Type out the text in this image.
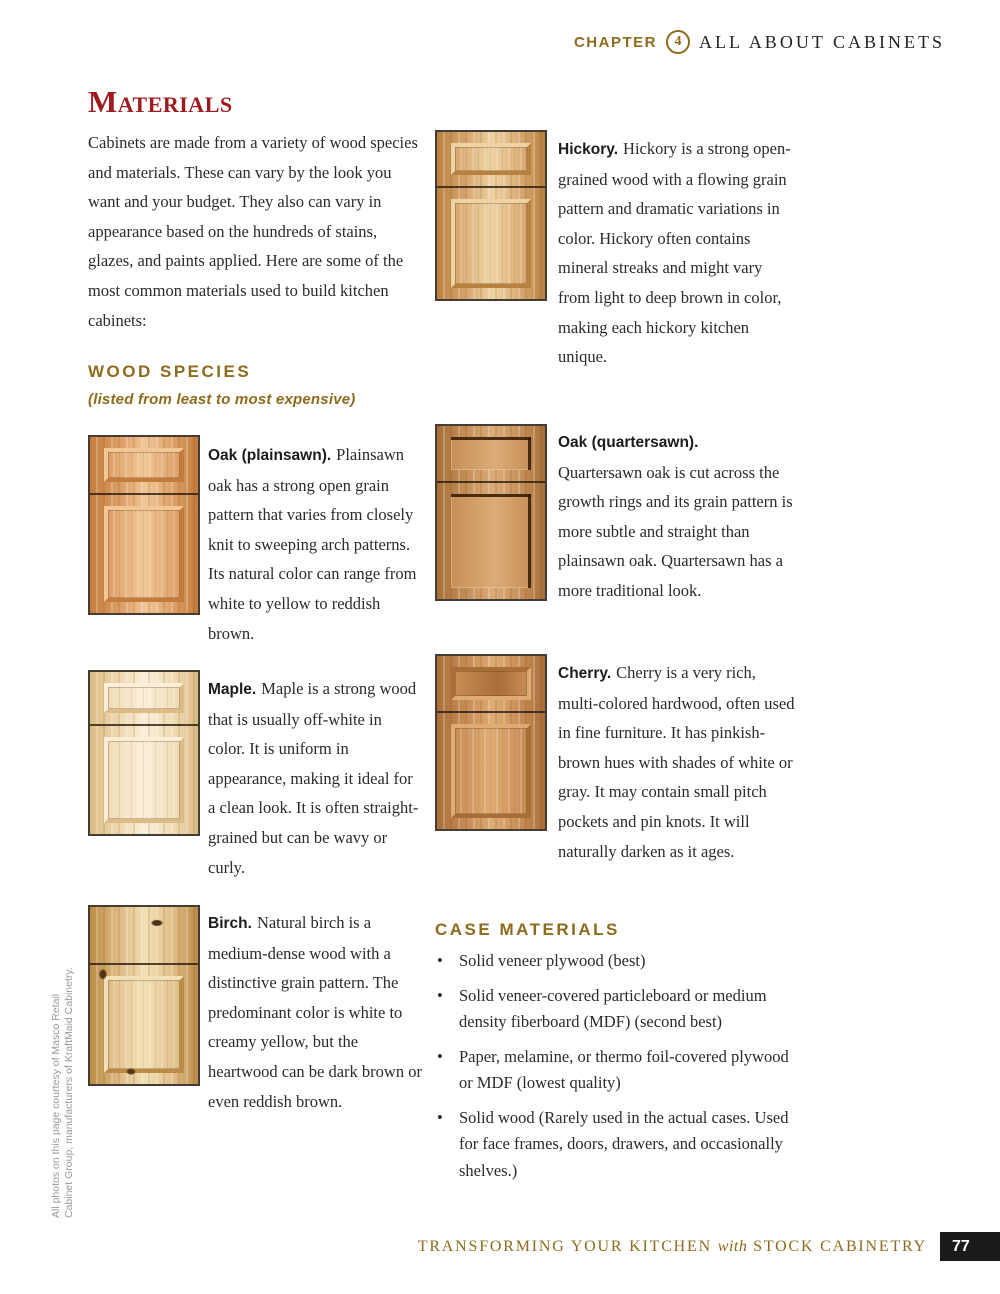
CHAPTER	4 ALL ABOUT CABINETS
Materials
Cabinets are made from a variety of wood species and materials. These can vary by the look you want and your budget. They also can vary in appearance based on the hundreds of stains, glazes, and paints applied. Here are some of the most common materials used to build kitchen cabinets:
WOOD SPECIES
(listed from least to most expensive)
Hickory. Hickory is a strong open-grained wood with a flowing grain pattern and dramatic variations in color. Hickory often contains mineral streaks and might vary from light to deep brown in color, making each hickory kitchen unique.
Oak (plainsawn). Plainsawn oak has a strong open grain pattern that varies from closely knit to sweeping arch patterns. Its natural color can range from white to yellow to reddish brown.
Oak (quartersawn).
Quartersawn oak is cut across the growth rings and its grain pattern is more subtle and straight than plainsawn oak. Quartersawn has a more traditional look.
Maple. Maple is a strong wood that is usually off-white in color. It is uniform in appearance, making it ideal for a clean look. It is often straight-grained but can be wavy or curly.
Cherry. Cherry is a very rich, multi-colored hardwood, often used in fine furniture. It has pinkish-brown hues with shades of white or gray. It may contain small pitch pockets and pin knots. It will naturally darken as it ages.
Birch. Natural birch is a medium-dense wood with a distinctive grain pattern. The predominant color is white to creamy yellow, but the heartwood can be dark brown or even reddish brown.
CASE MATERIALS
• Solid veneer plywood (best)
• Solid veneer-covered particleboard or medium density fiberboard (MDF) (second best)
• Paper, melamine, or thermo foil-covered plywood or MDF (lowest quality)
• Solid wood (Rarely used in the actual cases. Used for face frames, doors, drawers, and occasionally shelves.)
All photos on this page courtesy of Masco Retail Cabinet Group, manufacturers of KraftMaid Cabinetry.
TRANSFORMING YOUR KITCHEN with STOCK CABINETRY	77
